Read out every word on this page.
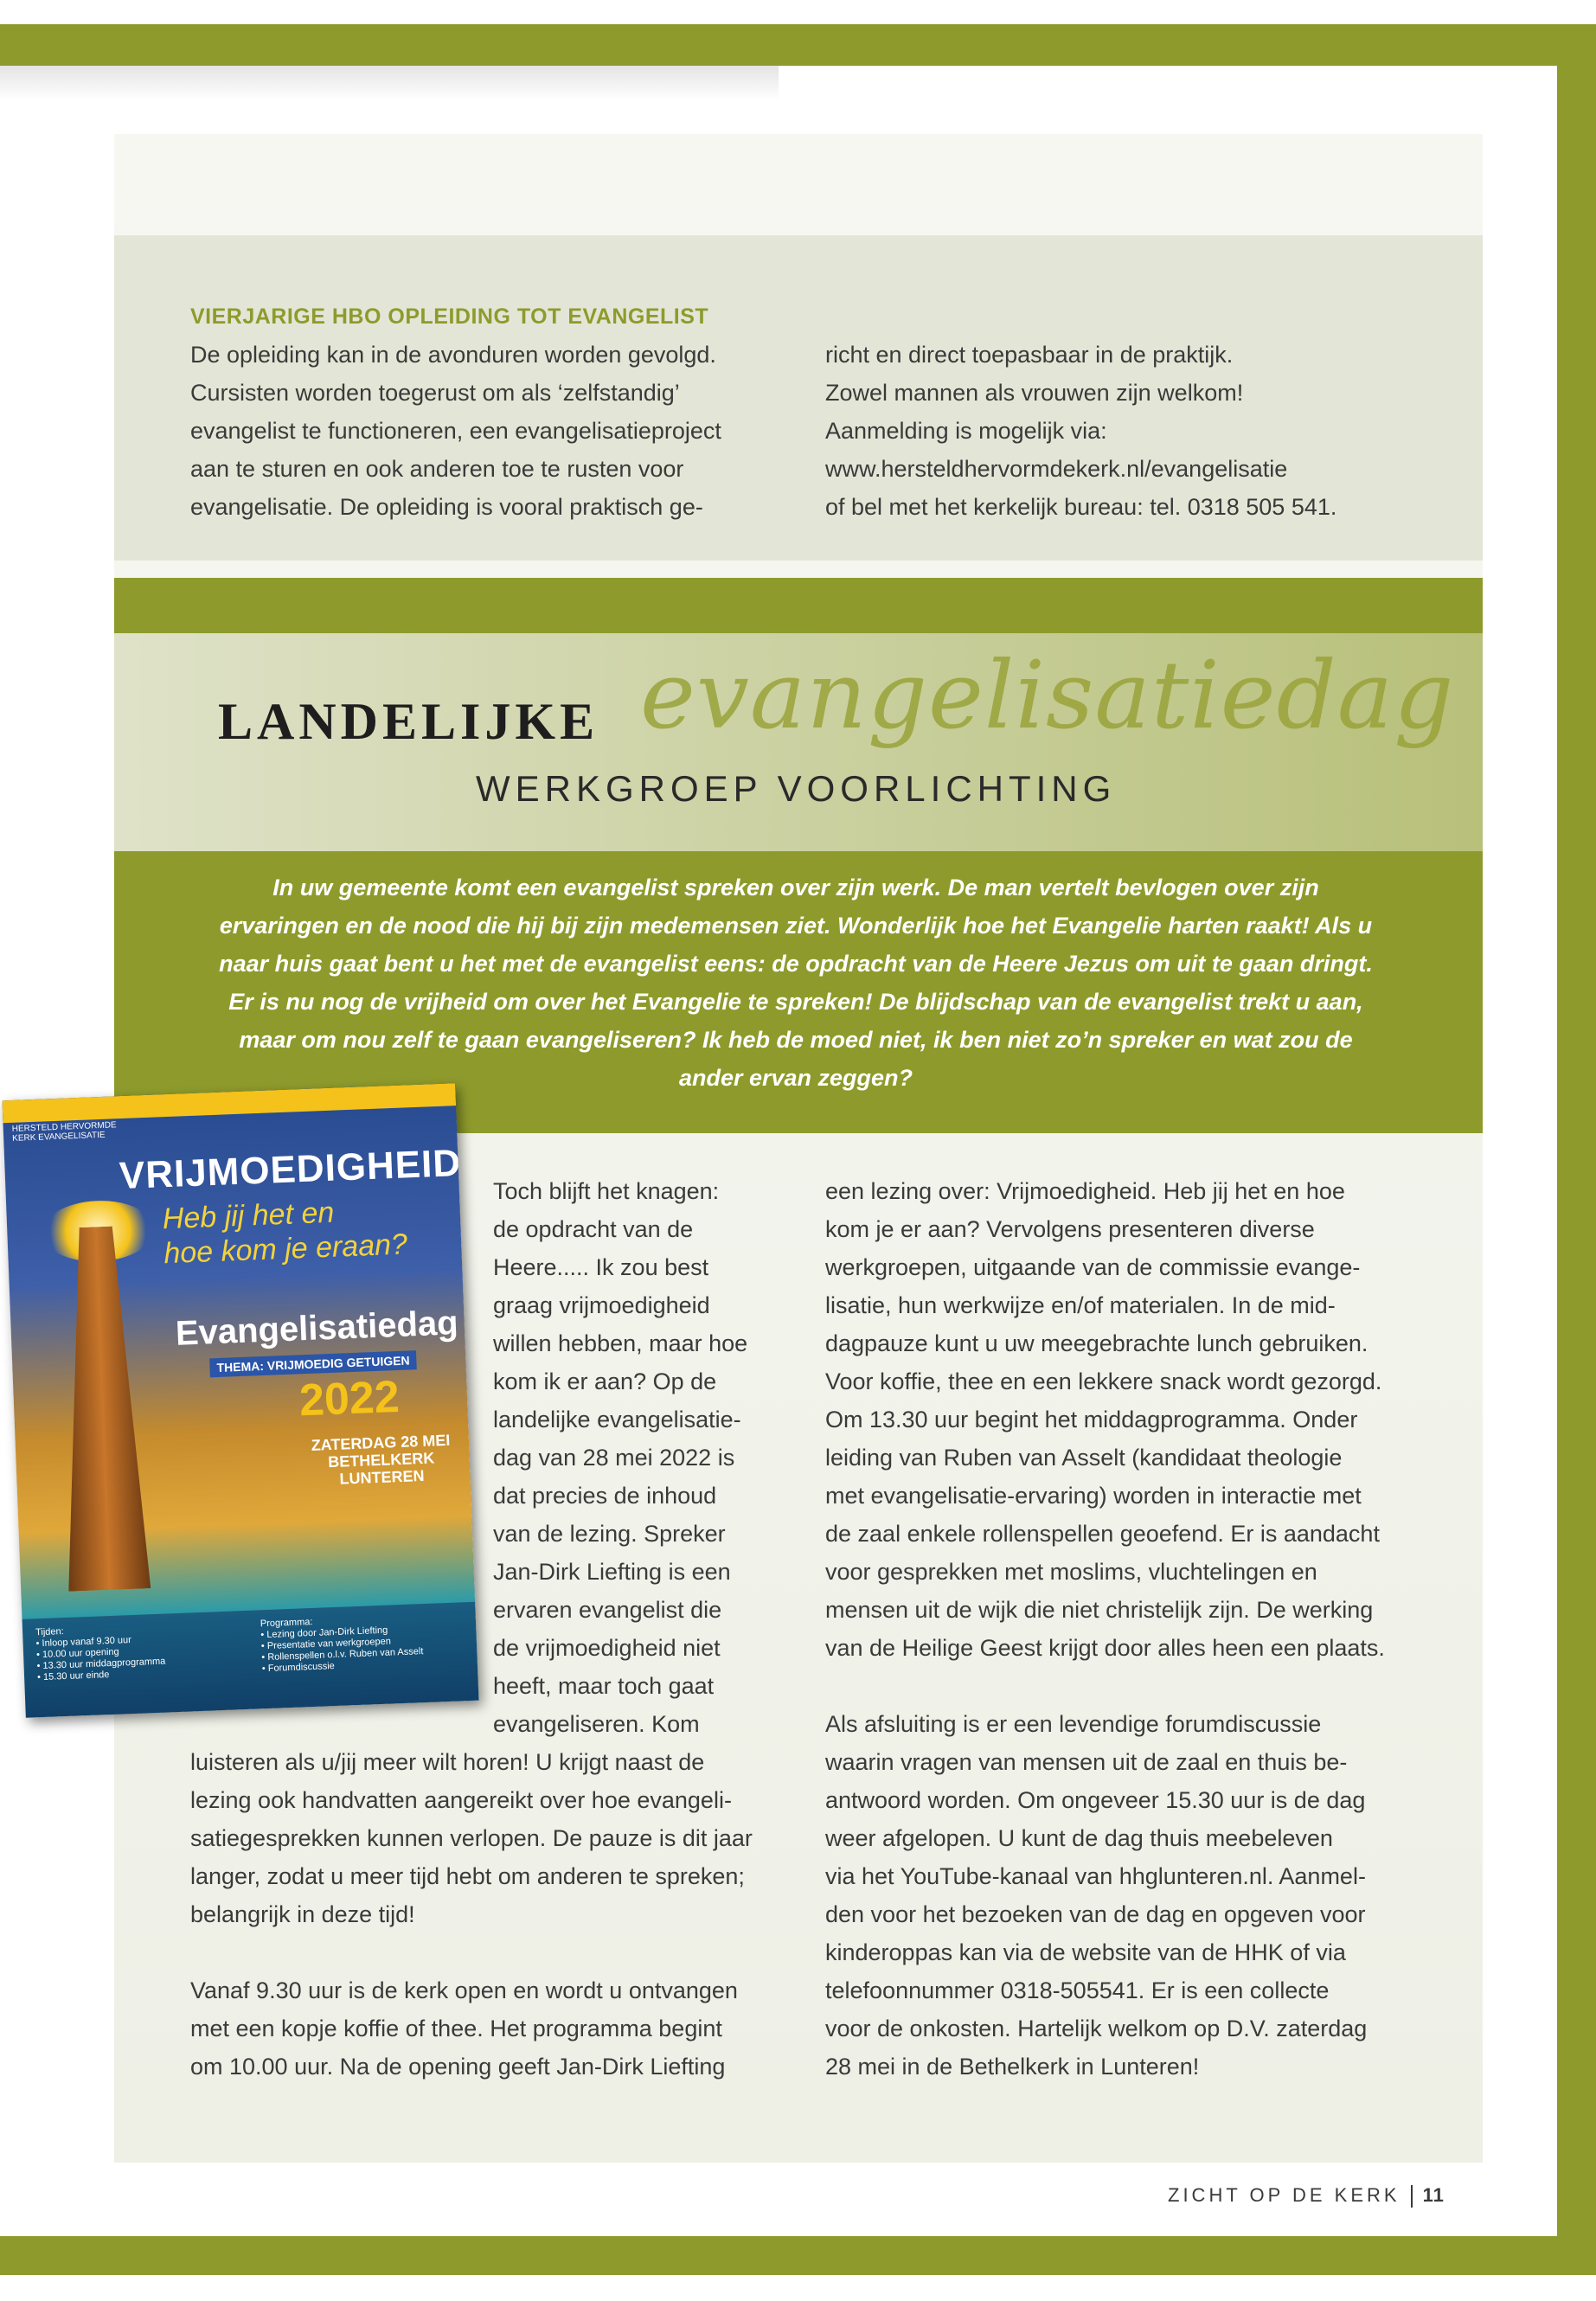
VIERJARIGE HBO OPLEIDING TOT EVANGELIST
De opleiding kan in de avonduren worden gevolgd.
Cursisten worden toegerust om als ‘zelfstandig’
evangelist te functioneren, een evangelisatieproject
aan te sturen en ook anderen toe te rusten voor
evangelisatie. De opleiding is vooral praktisch ge-
richt en direct toepasbaar in de praktijk.
Zowel mannen als vrouwen zijn welkom!
Aanmelding is mogelijk via:
www.hersteldhervormdekerk.nl/evangelisatie
of bel met het kerkelijk bureau: tel. 0318 505 541.
evangelisatiedag
LANDELIJKE
WERKGROEP VOORLICHTING
In uw gemeente komt een evangelist spreken over zijn werk. De man vertelt bevlogen over zijn ervaringen en de nood die hij bij zijn medemensen ziet. Wonderlijk hoe het Evangelie harten raakt! Als u naar huis gaat bent u het met de evangelist eens: de opdracht van de Heere Jezus om uit te gaan dringt. Er is nu nog de vrijheid om over het Evangelie te spreken! De blijdschap van de evangelist trekt u aan, maar om nou zelf te gaan evangeliseren? Ik heb de moed niet, ik ben niet zo’n spreker en wat zou de ander ervan zeggen?
HERSTELD HERVORMDE
KERK EVANGELISATIE
VRIJMOEDIGHEID
Heb jij het en
hoe kom je eraan?
Evangelisatiedag
THEMA: VRIJMOEDIG GETUIGEN
2022
ZATERDAG 28 MEI
BETHELKERK LUNTEREN
Tijden:
• Inloop vanaf 9.30 uur
• 10.00 uur opening
• 13.30 uur middagprogramma
• 15.30 uur einde
Programma:
• Lezing door Jan-Dirk Liefting
• Presentatie van werkgroepen
• Rollenspellen o.l.v. Ruben van Asselt
• Forumdiscussie
Toch blijft het knagen:
de opdracht van de
Heere..... Ik zou best
graag vrijmoedigheid
willen hebben, maar hoe
kom ik er aan? Op de
landelijke evangelisatie-
dag van 28 mei 2022 is
dat precies de inhoud
van de lezing. Spreker
Jan-Dirk Liefting is een
ervaren evangelist die
de vrijmoedigheid niet
heeft, maar toch gaat
evangeliseren. Kom
luisteren als u/jij meer wilt horen! U krijgt naast de
lezing ook handvatten aangereikt over hoe evangeli-
satiegesprekken kunnen verlopen. De pauze is dit jaar
langer, zodat u meer tijd hebt om anderen te spreken;
belangrijk in deze tijd!

Vanaf 9.30 uur is de kerk open en wordt u ontvangen
met een kopje koffie of thee. Het programma begint
om 10.00 uur. Na de opening geeft Jan-Dirk Liefting
een lezing over: Vrijmoedigheid. Heb jij het en hoe
kom je er aan? Vervolgens presenteren diverse
werkgroepen, uitgaande van de commissie evange-
lisatie, hun werkwijze en/of materialen. In de mid-
dagpauze kunt u uw meegebrachte lunch gebruiken.
Voor koffie, thee en een lekkere snack wordt gezorgd.
Om 13.30 uur begint het middagprogramma. Onder
leiding van Ruben van Asselt (kandidaat theologie
met evangelisatie-ervaring) worden in interactie met
de zaal enkele rollenspellen geoefend. Er is aandacht
voor gesprekken met moslims, vluchtelingen en
mensen uit de wijk die niet christelijk zijn. De werking
van de Heilige Geest krijgt door alles heen een plaats.

Als afsluiting is er een levendige forumdiscussie
waarin vragen van mensen uit de zaal en thuis be-
antwoord worden. Om ongeveer 15.30 uur is de dag
weer afgelopen. U kunt de dag thuis meebeleven
via het YouTube-kanaal van hhglunteren.nl. Aanmel-
den voor het bezoeken van de dag en opgeven voor
kinderoppas kan via de website van de HHK of via
telefoonnummer 0318-505541. Er is een collecte
voor de onkosten. Hartelijk welkom op D.V. zaterdag
28 mei in de Bethelkerk in Lunteren!
ZICHT OP DE KERK 11
